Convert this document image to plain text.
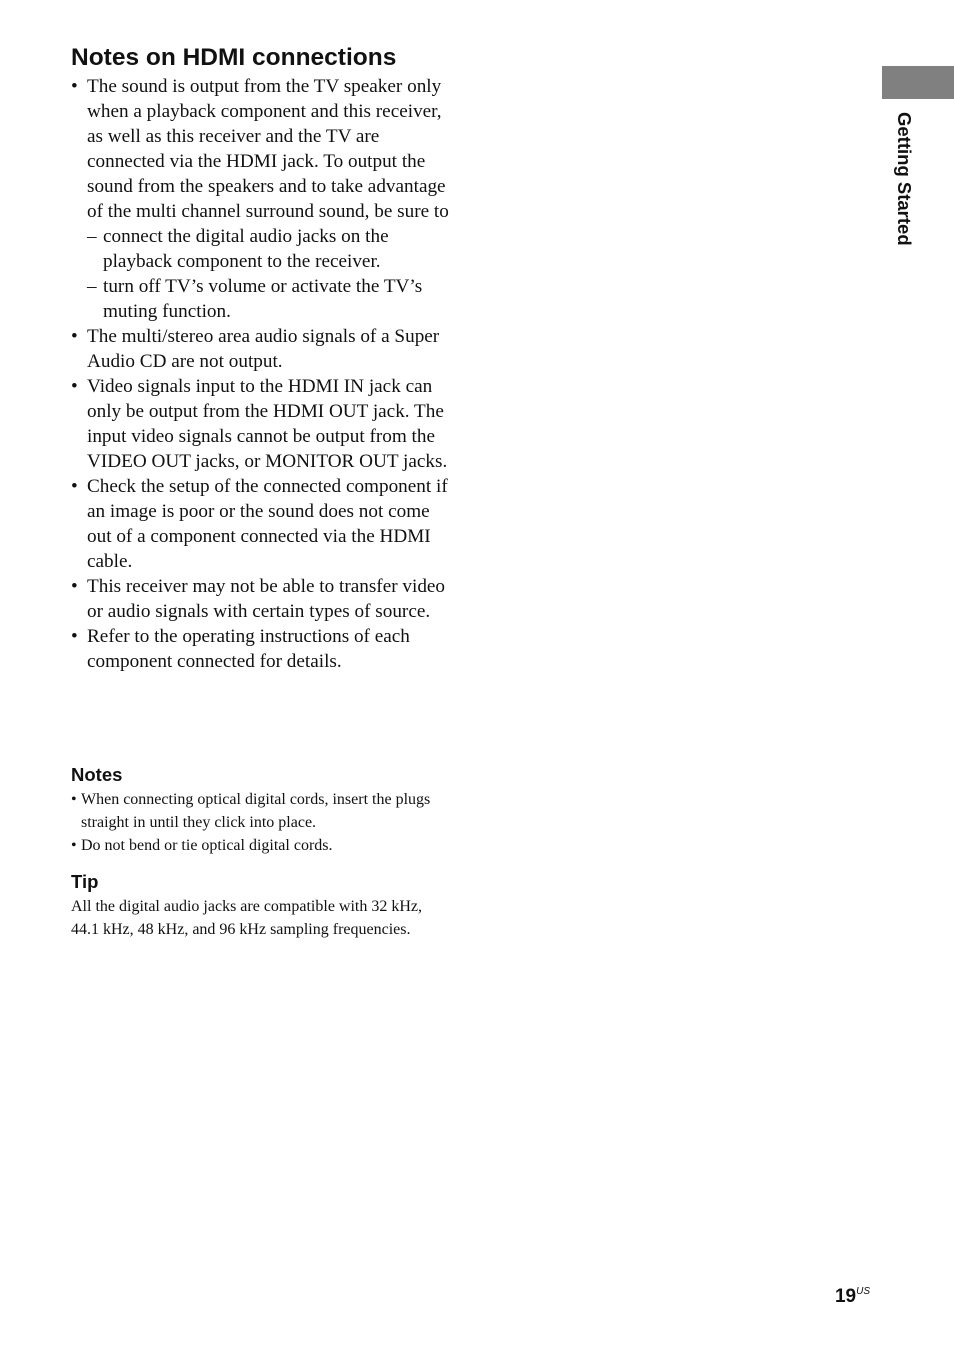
Notes on HDMI connections
• The sound is output from the TV speaker only when a playback component and this receiver, as well as this receiver and the TV are connected via the HDMI jack. To output the sound from the speakers and to take advantage of the multi channel surround sound, be sure to
– connect the digital audio jacks on the playback component to the receiver.
– turn off TV’s volume or activate the TV’s muting function.
• The multi/stereo area audio signals of a Super Audio CD are not output.
• Video signals input to the HDMI IN jack can only be output from the HDMI OUT jack. The input video signals cannot be output from the VIDEO OUT jacks, or MONITOR OUT jacks.
• Check the setup of the connected component if an image is poor or the sound does not come out of a component connected via the HDMI cable.
• This receiver may not be able to transfer video or audio signals with certain types of source.
• Refer to the operating instructions of each component connected for details.
Notes
• When connecting optical digital cords, insert the plugs straight in until they click into place.
• Do not bend or tie optical digital cords.
Tip

All the digital audio jacks are compatible with 32 kHz, 44.1 kHz, 48 kHz, and 96 kHz sampling frequencies.

Getting Started
$19^{US}$
